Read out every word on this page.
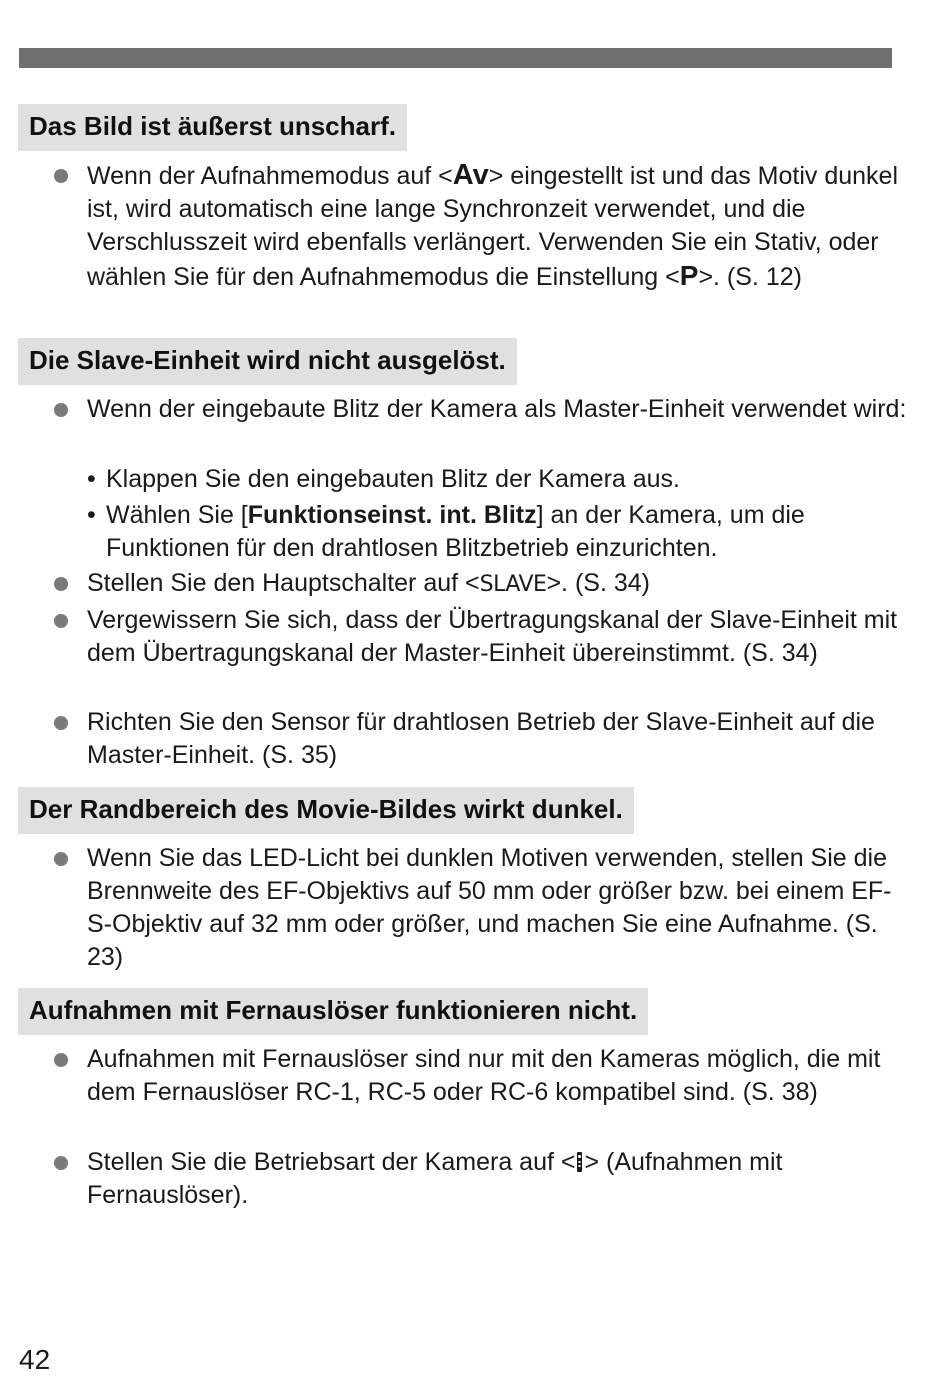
Das Bild ist äußerst unscharf.
Wenn der Aufnahmemodus auf <Av> eingestellt ist und das Motiv dunkel ist, wird automatisch eine lange Synchronzeit verwendet, und die Verschlusszeit wird ebenfalls verlängert. Verwenden Sie ein Stativ, oder wählen Sie für den Aufnahmemodus die Einstellung <P>. (S. 12)
Die Slave-Einheit wird nicht ausgelöst.
Wenn der eingebaute Blitz der Kamera als Master-Einheit verwendet wird:
• Klappen Sie den eingebauten Blitz der Kamera aus.
• Wählen Sie [Funktionseinst. int. Blitz] an der Kamera, um die Funktionen für den drahtlosen Blitzbetrieb einzurichten.
Stellen Sie den Hauptschalter auf <SLAVE>. (S. 34)
Vergewissern Sie sich, dass der Übertragungskanal der Slave-Einheit mit dem Übertragungskanal der Master-Einheit übereinstimmt. (S. 34)
Richten Sie den Sensor für drahtlosen Betrieb der Slave-Einheit auf die Master-Einheit. (S. 35)
Der Randbereich des Movie-Bildes wirkt dunkel.
Wenn Sie das LED-Licht bei dunklen Motiven verwenden, stellen Sie die Brennweite des EF-Objektivs auf 50 mm oder größer bzw. bei einem EF-S-Objektiv auf 32 mm oder größer, und machen Sie eine Aufnahme. (S. 23)
Aufnahmen mit Fernauslöser funktionieren nicht.
Aufnahmen mit Fernauslöser sind nur mit den Kameras möglich, die mit dem Fernauslöser RC-1, RC-5 oder RC-6 kompatibel sind. (S. 38)
Stellen Sie die Betriebsart der Kamera auf < > (Aufnahmen mit Fernauslöser).
42
